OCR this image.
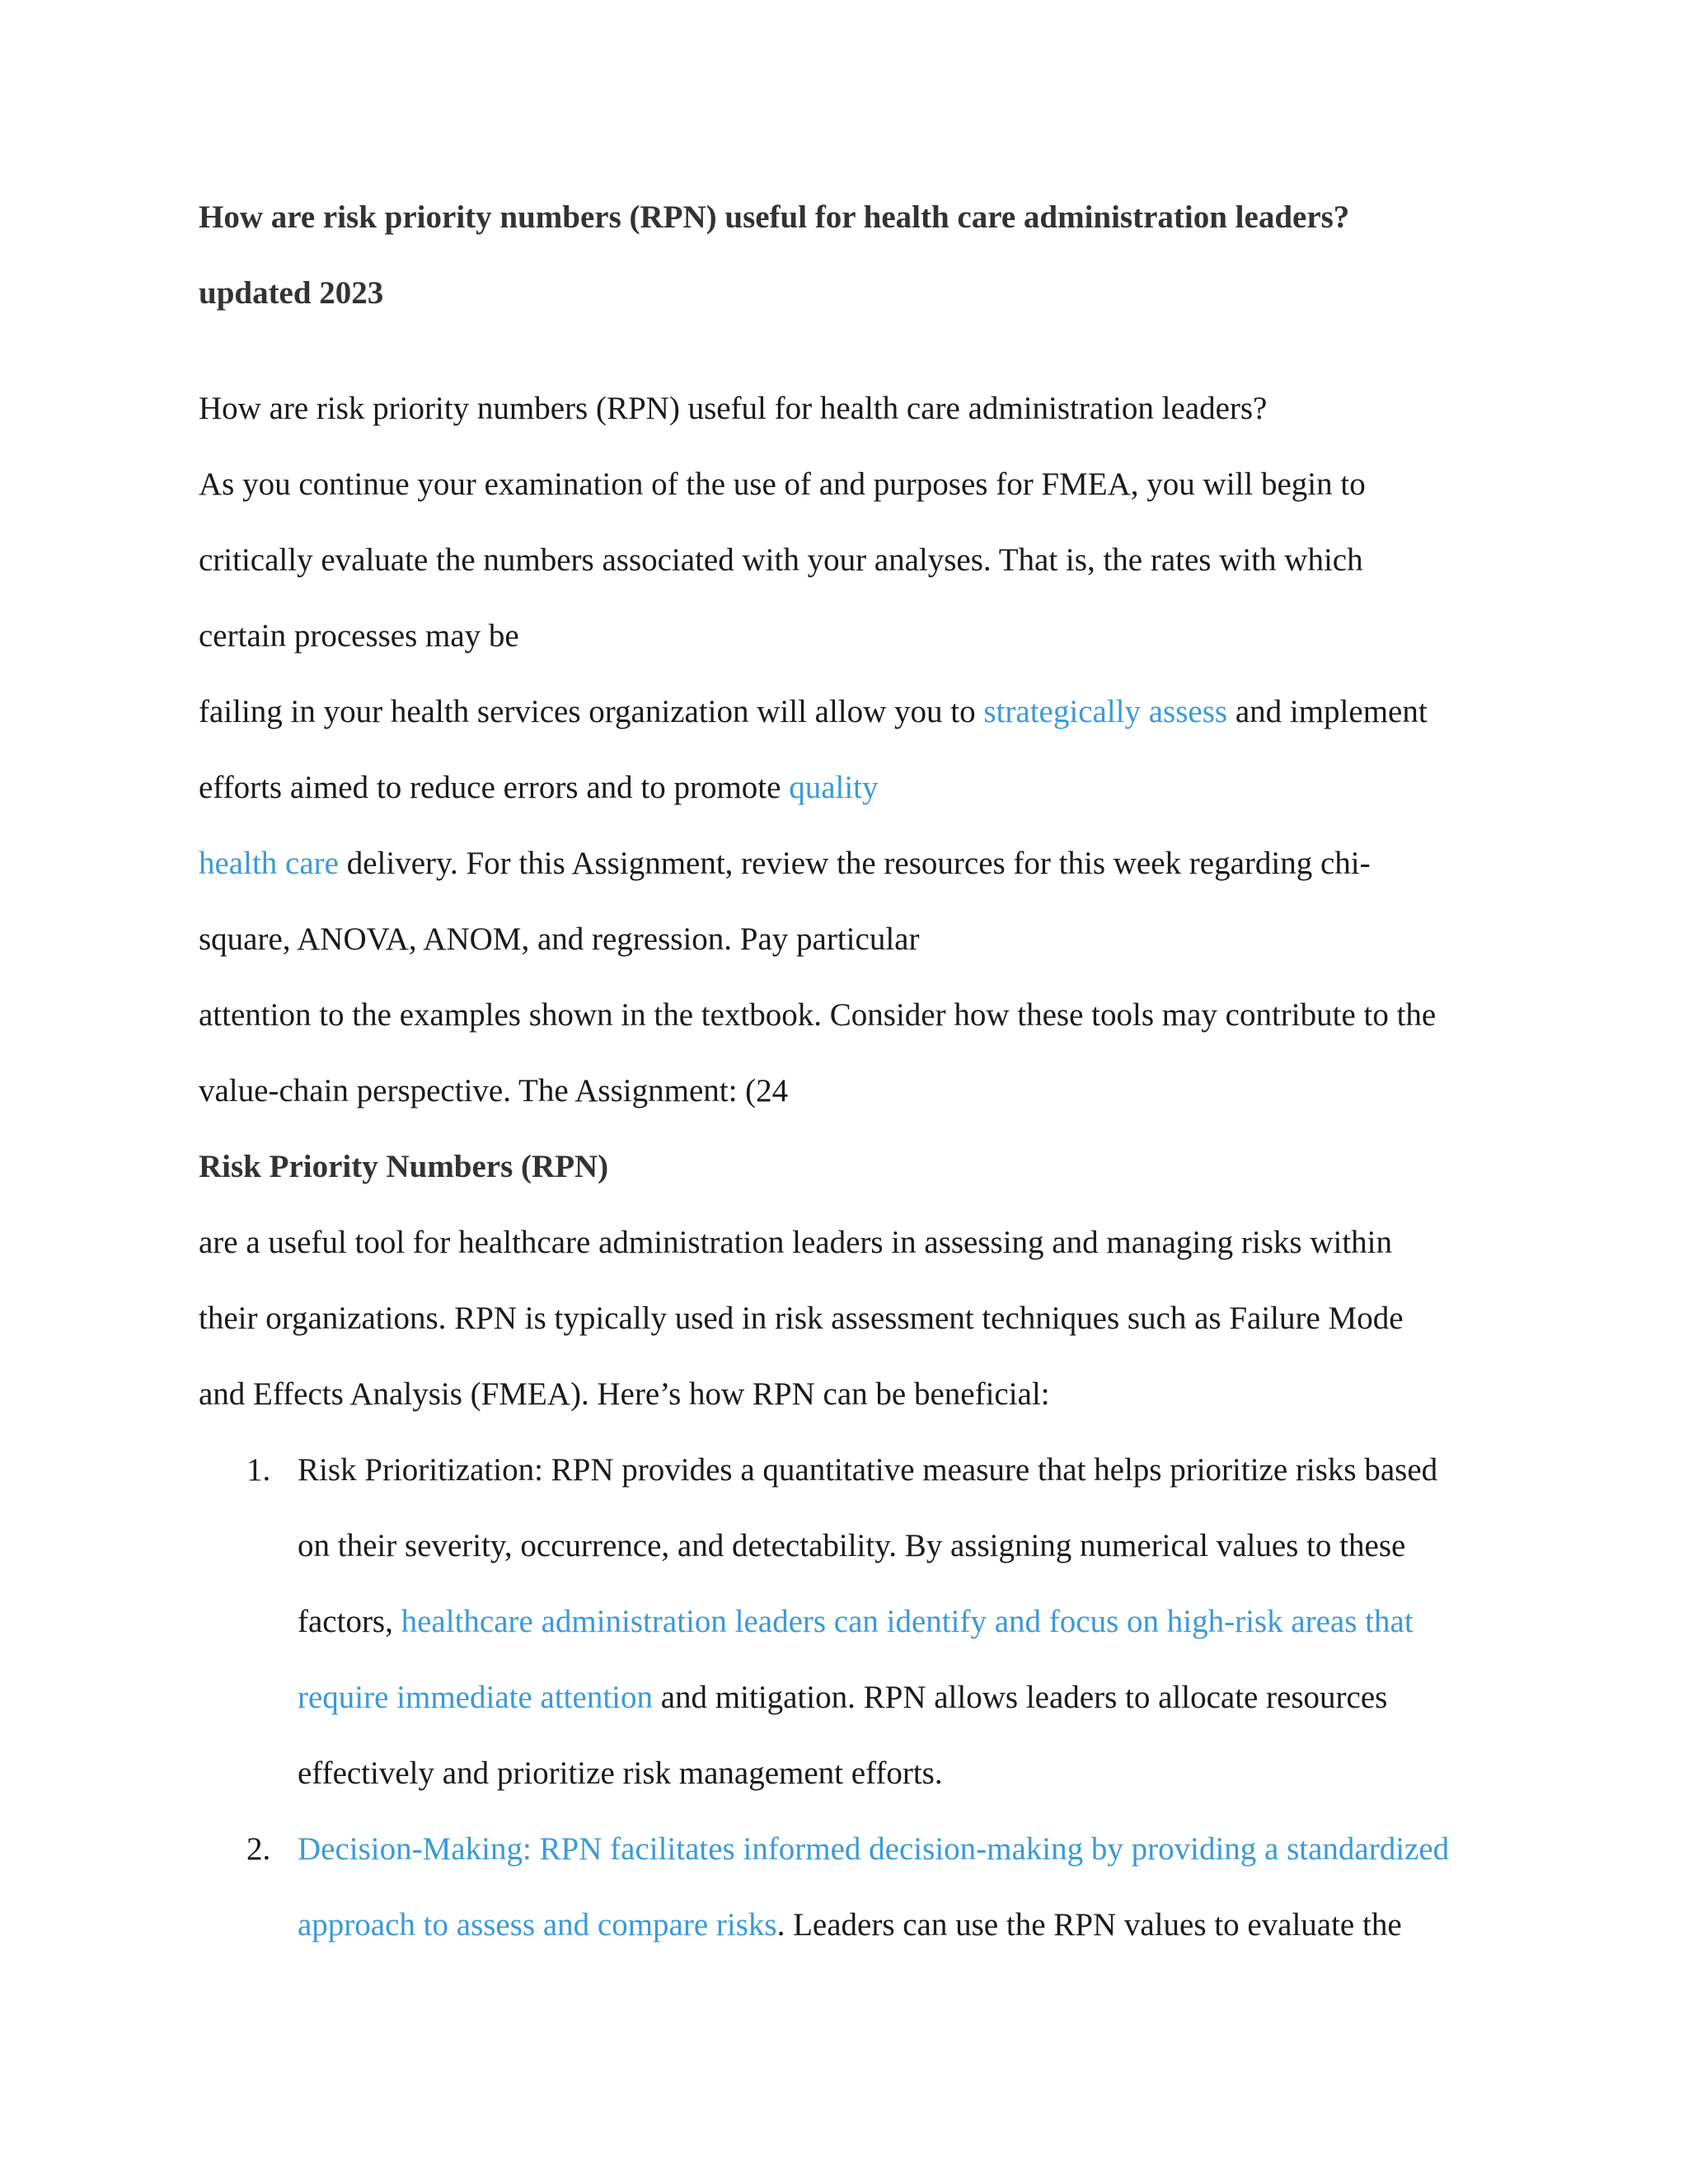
How are risk priority numbers (RPN) useful for health care administration leaders?

updated 2023

How are risk priority numbers (RPN) useful for health care administration leaders?

As you continue your examination of the use of and purposes for FMEA, you will begin to

critically evaluate the numbers associated with your analyses. That is, the rates with which

certain processes may be

failing in your health services organization will allow you to strategically assess and implement

efforts aimed to reduce errors and to promote quality

health care delivery. For this Assignment, review the resources for this week regarding chi-

square, ANOVA, ANOM, and regression. Pay particular

attention to the examples shown in the textbook. Consider how these tools may contribute to the

value-chain perspective. The Assignment: (24

Risk Priority Numbers (RPN)

are a useful tool for healthcare administration leaders in assessing and managing risks within

their organizations. RPN is typically used in risk assessment techniques such as Failure Mode

and Effects Analysis (FMEA). Here’s how RPN can be beneficial:

1. Risk Prioritization: RPN provides a quantitative measure that helps prioritize risks based

on their severity, occurrence, and detectability. By assigning numerical values to these

factors, healthcare administration leaders can identify and focus on high-risk areas that

require immediate attention and mitigation. RPN allows leaders to allocate resources

effectively and prioritize risk management efforts.

2. Decision-Making: RPN facilitates informed decision-making by providing a standardized

approach to assess and compare risks. Leaders can use the RPN values to evaluate the
